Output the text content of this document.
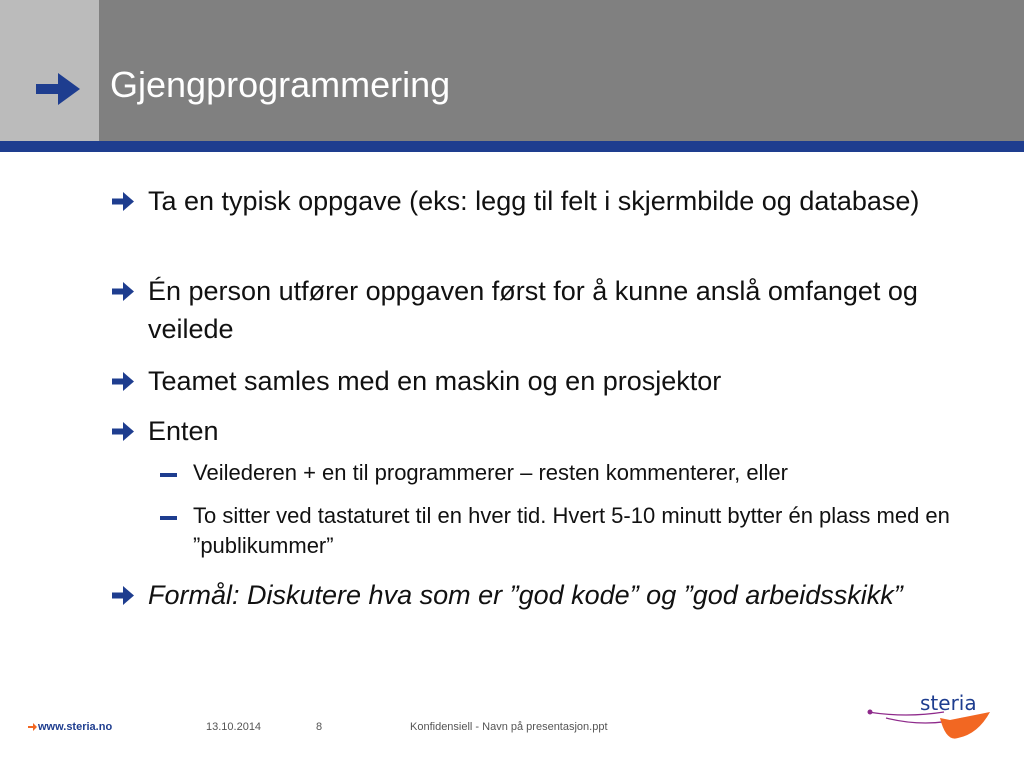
Gjengprogrammering
Ta en typisk oppgave (eks: legg til felt i skjermbilde og database)
Én person utfører oppgaven først for å kunne anslå omfanget og veilede
Teamet samles med en maskin og en prosjektor
Enten
Veilederen + en til programmerer – resten kommenterer, eller
To sitter ved tastaturet til en hver tid. Hvert 5-10 minutt bytter én plass med en ”publikummer”
Formål: Diskutere hva som er ”god kode” og ”god arbeidsskikk”
www.steria.no	13.10.2014	8	Konfidensiell - Navn på presentasjon.ppt
steria
